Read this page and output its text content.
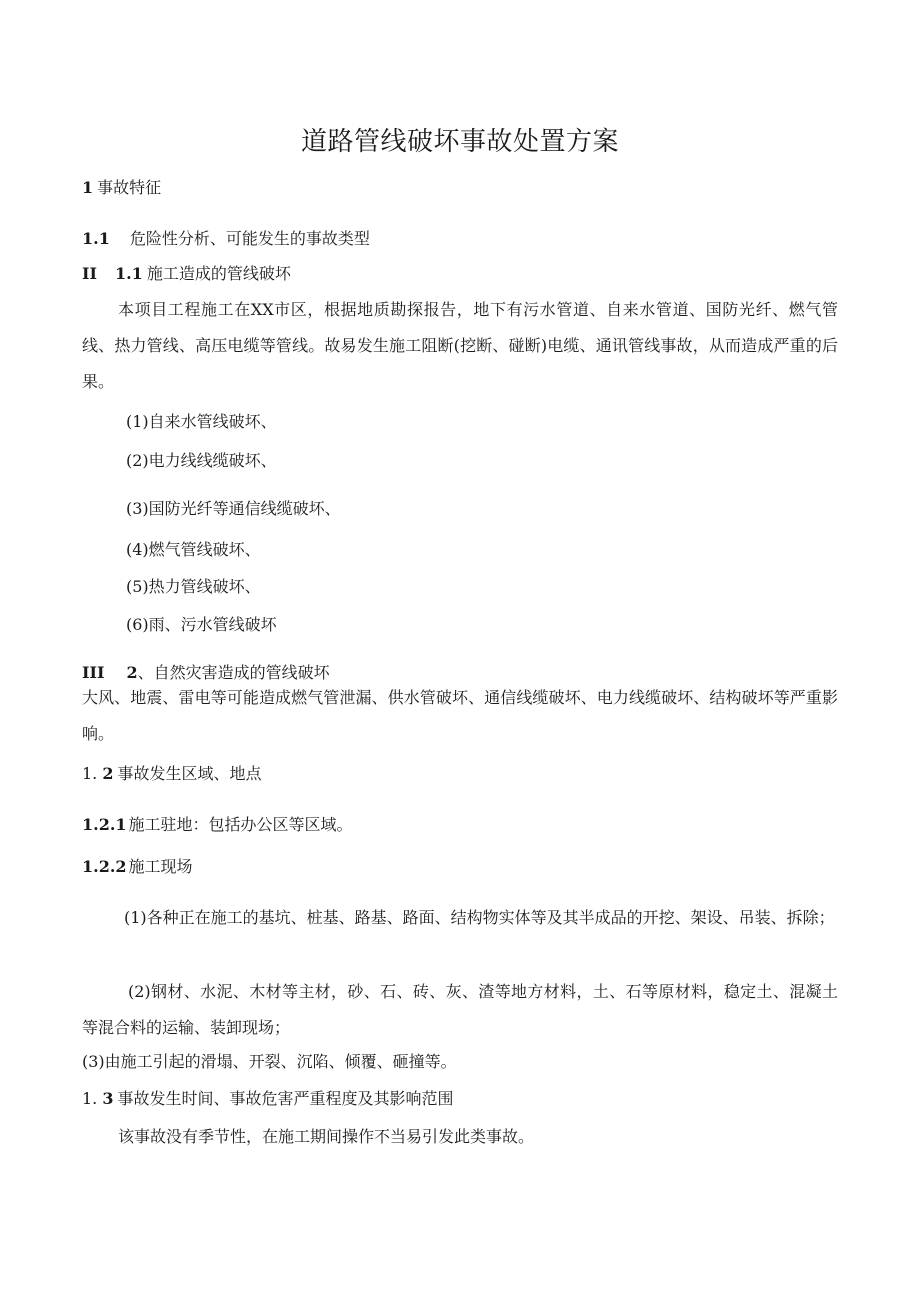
道路管线破坏事故处置方案
1 事故特征
1.1 危险性分析、可能发生的事故类型
II 1.1 施工造成的管线破坏
本项目工程施工在XX市区，根据地质勘探报告，地下有污水管道、自来水管道、国防光纤、燃气管线、热力管线、高压电缆等管线。故易发生施工阻断(挖断、碰断)电缆、通讯管线事故，从而造成严重的后果。
(1)自来水管线破坏、
(2)电力线线缆破坏、
(3)国防光纤等通信线缆破坏、
(4)燃气管线破坏、
(5)热力管线破坏、
(6)雨、污水管线破坏
III 2、自然灾害造成的管线破坏
大风、地震、雷电等可能造成燃气管泄漏、供水管破坏、通信线缆破坏、电力线缆破坏、结构破坏等严重影响。
1. 2 事故发生区域、地点
1.2.1 施工驻地：包括办公区等区域。
1.2.2 施工现场
(1)各种正在施工的基坑、桩基、路基、路面、结构物实体等及其半成品的开挖、架设、吊装、拆除；
(2)钢材、水泥、木材等主材，砂、石、砖、灰、渣等地方材料，土、石等原材料，稳定土、混凝土等混合料的运输、装卸现场；
(3)由施工引起的滑塌、开裂、沉陷、倾覆、砸撞等。
1. 3 事故发生时间、事故危害严重程度及其影响范围
该事故没有季节性，在施工期间操作不当易引发此类事故。
